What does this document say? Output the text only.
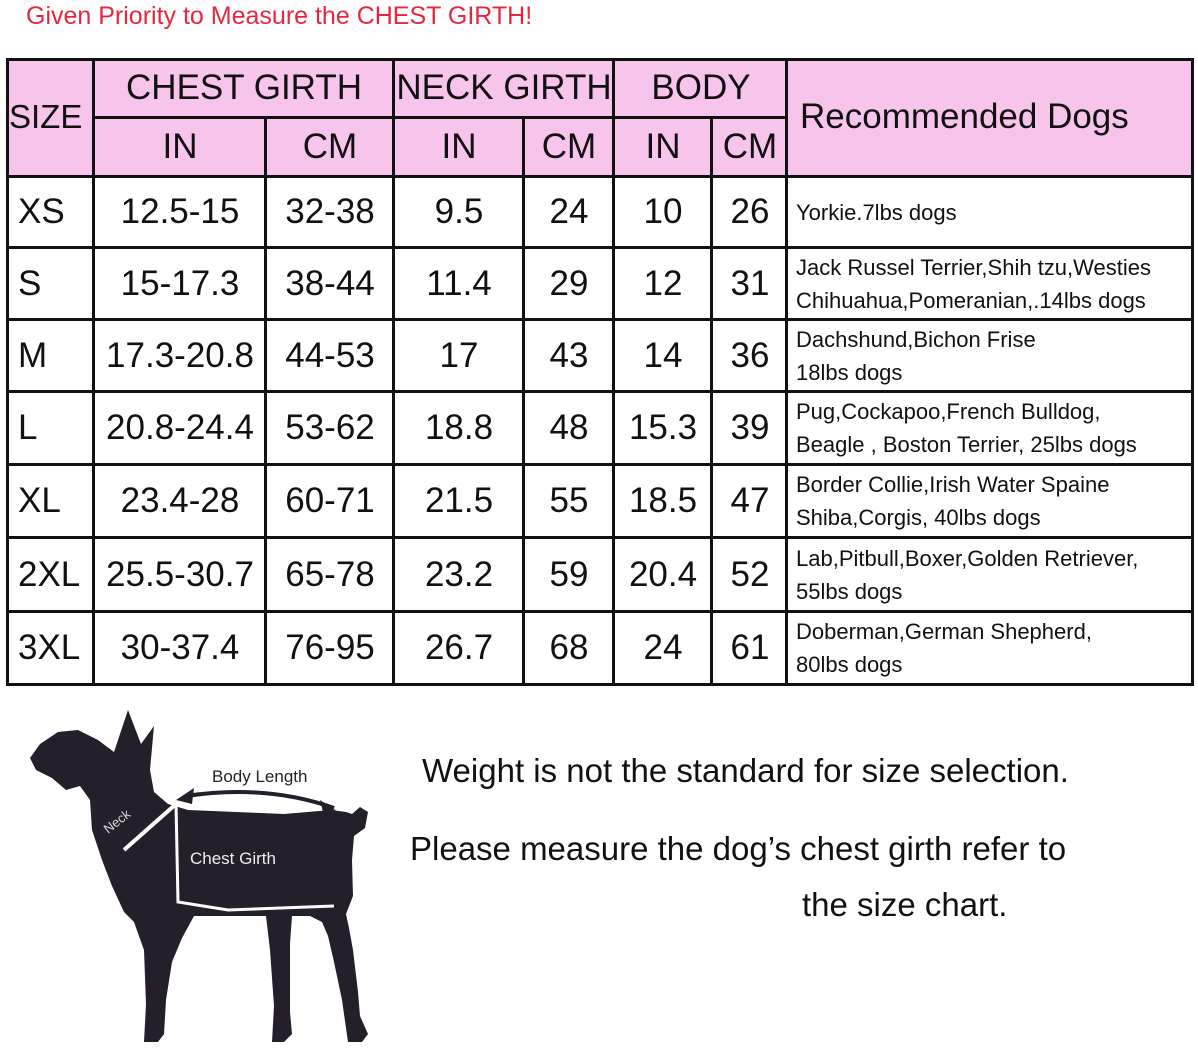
Given Priority to Measure the CHEST GIRTH!
SIZE
CHEST GIRTH NECK GIRTH	BODY
Recommended Dogs
IN	CM	IN	CM	IN	CM
XS	12.5-15	32-38	9.5	24	10	26	Yorkie.7lbs dogs
S	15-17.3	38-44	11.4	29	12	31	Jack Russel Terrier,Shih tzu,Westies
Chihuahua,Pomeranian,.14lbs dogs
M	17.3-20.8 44-53	17	43	14	36	Dachshund,Bichon Frise
18lbs dogs
L	20.8-24.4 53-62	18.8	48	15.3 39	Pug,Cockapoo,French Bulldog,
Beagle , Boston Terrier, 25lbs dogs
XL	23.4-28	60-71	21.5	55	18.5 47	Border Collie,Irish Water Spaine
Shiba,Corgis, 40lbs dogs
2XL 25.5-30.7 65-78	23.2	59	20.4 52	Lab,Pitbull,Boxer,Golden Retriever,
55lbs dogs
3XL	30-37.4	76-95	26.7	68	24	61	Doberman,German Shepherd,
80lbs dogs
Body Length
Neck
Chest Girth
Weight is not the standard for size selection.
Please measure the dog’s chest girth refer to
the size chart.
